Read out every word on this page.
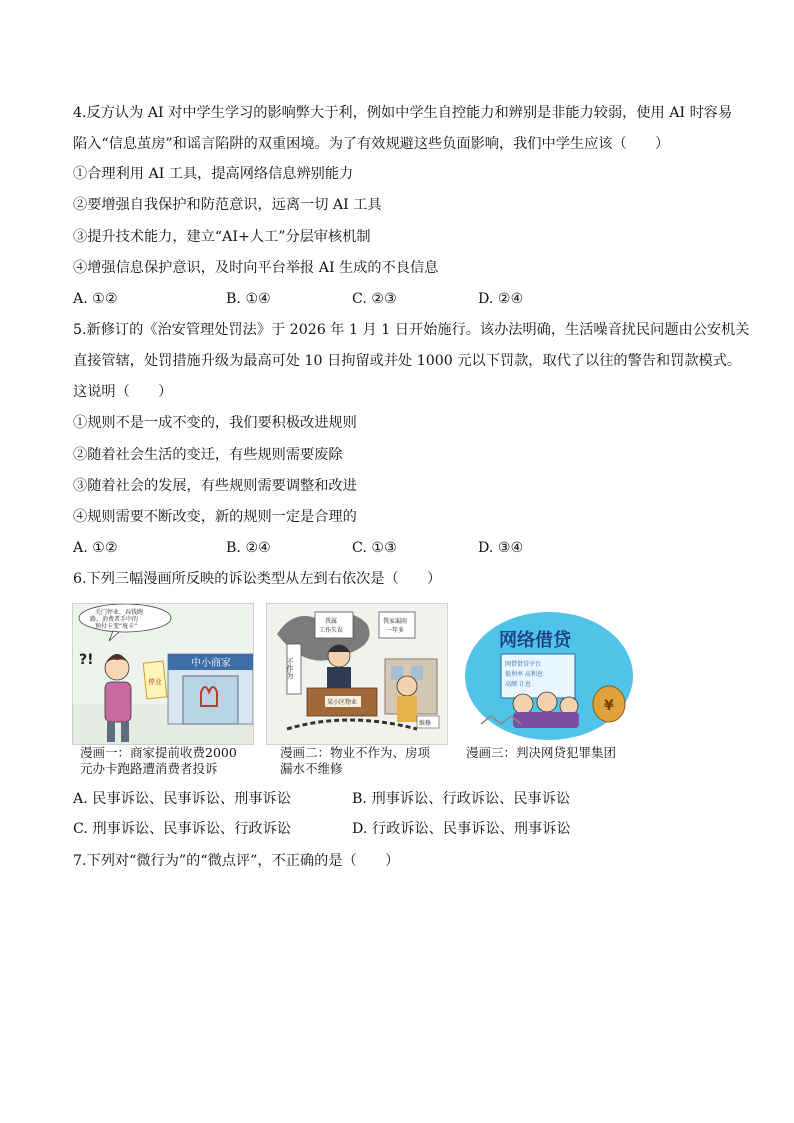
4.反方认为 AI 对中学生学习的影响弊大于利，例如中学生自控能力和辨别是非能力较弱，使用 AI 时容易
陷入“信息茧房”和谣言陷阱的双重困境。为了有效规避这些负面影响，我们中学生应该（　　）
①合理利用 AI 工具，提高网络信息辨别能力
②要增强自我保护和防范意识，远离一切 AI 工具
③提升技术能力，建立“AI+人工”分层审核机制
④增强信息保护意识，及时向平台举报 AI 生成的不良信息
A. ①②	B. ①④	C. ②③	D. ②④
5.新修订的《治安管理处罚法》于 2026 年 1 月 1 日开始施行。该办法明确，生活噪音扰民问题由公安机关
直接管辖，处罚措施升级为最高可处 10 日拘留或并处 1000 元以下罚款，取代了以往的警告和罚款模式。
这说明（　　）
①规则不是一成不变的，我们要积极改进规则
②随着社会生活的变迁，有些规则需要废除
③随着社会的发展，有些规则需要调整和改进
④规则需要不断改变，新的规则一定是合理的
A. ①②	B. ②④	C. ①③	D. ③④
6.下列三幅漫画所反映的诉讼类型从左到右依次是（　　）
中小商家
停业
关门停业，吞钱跑
路，消费者手中的
预付卡变“废卡”
?!
漫画一：商家提前收费2000
元办卡跑路遭消费者投诉
我属
工作失误
我家漏雨
一年多
不作为
某小区物业
维修
漫画二：物业不作为、房项
漏水不维修
网络借贷
网借借贷平台
低利率 高利息
高额 计息
¥
漫画三：判决网贷犯罪集团
A. 民事诉讼、民事诉讼、刑事诉讼	B. 刑事诉讼、行政诉讼、民事诉讼
C. 刑事诉讼、民事诉讼、行政诉讼	D. 行政诉讼、民事诉讼、刑事诉讼
7.下列对“微行为”的“微点评”，不正确的是（　　）
